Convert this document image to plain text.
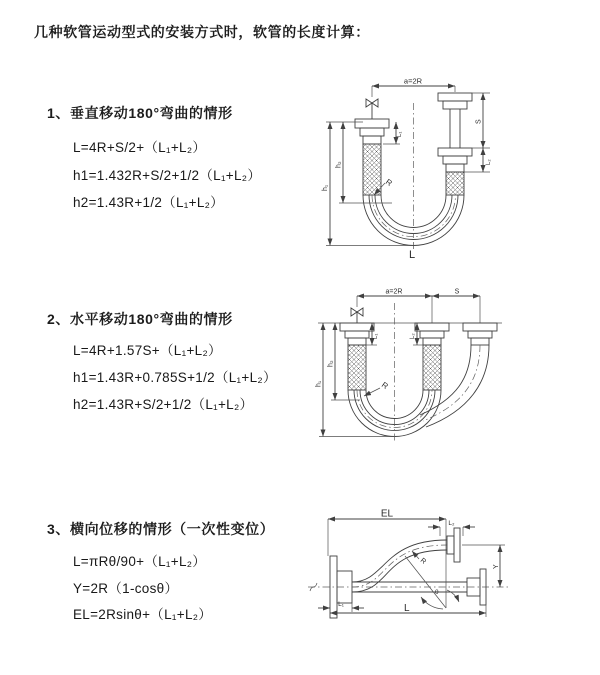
几种软管运动型式的安装方式时，软管的长度计算：
1、垂直移动180°弯曲的情形
L=4R+S/2+（L₁+L₂）
h1=1.432R+S/2+1/2（L₁+L₂）
h2=1.43R+1/2（L₁+L₂）
2、水平移动180°弯曲的情形
L=4R+1.57S+（L₁+L₂）
h1=1.43R+0.785S+1/2（L₁+L₂）
h2=1.43R+S/2+1/2（L₁+L₂）
3、横向位移的情形（一次性变位）
L=πRθ/90+（L₁+L₂）
Y=2R（1-cosθ）
EL=2Rsinθ+（L₁+L₂）
a=2R
h₁
h₂
L₁
S
L₂
R
L
a=2R	S
L₁	L₂
h₂
h₁	R
EL
L₂
Y
R
θ
L
L₁
